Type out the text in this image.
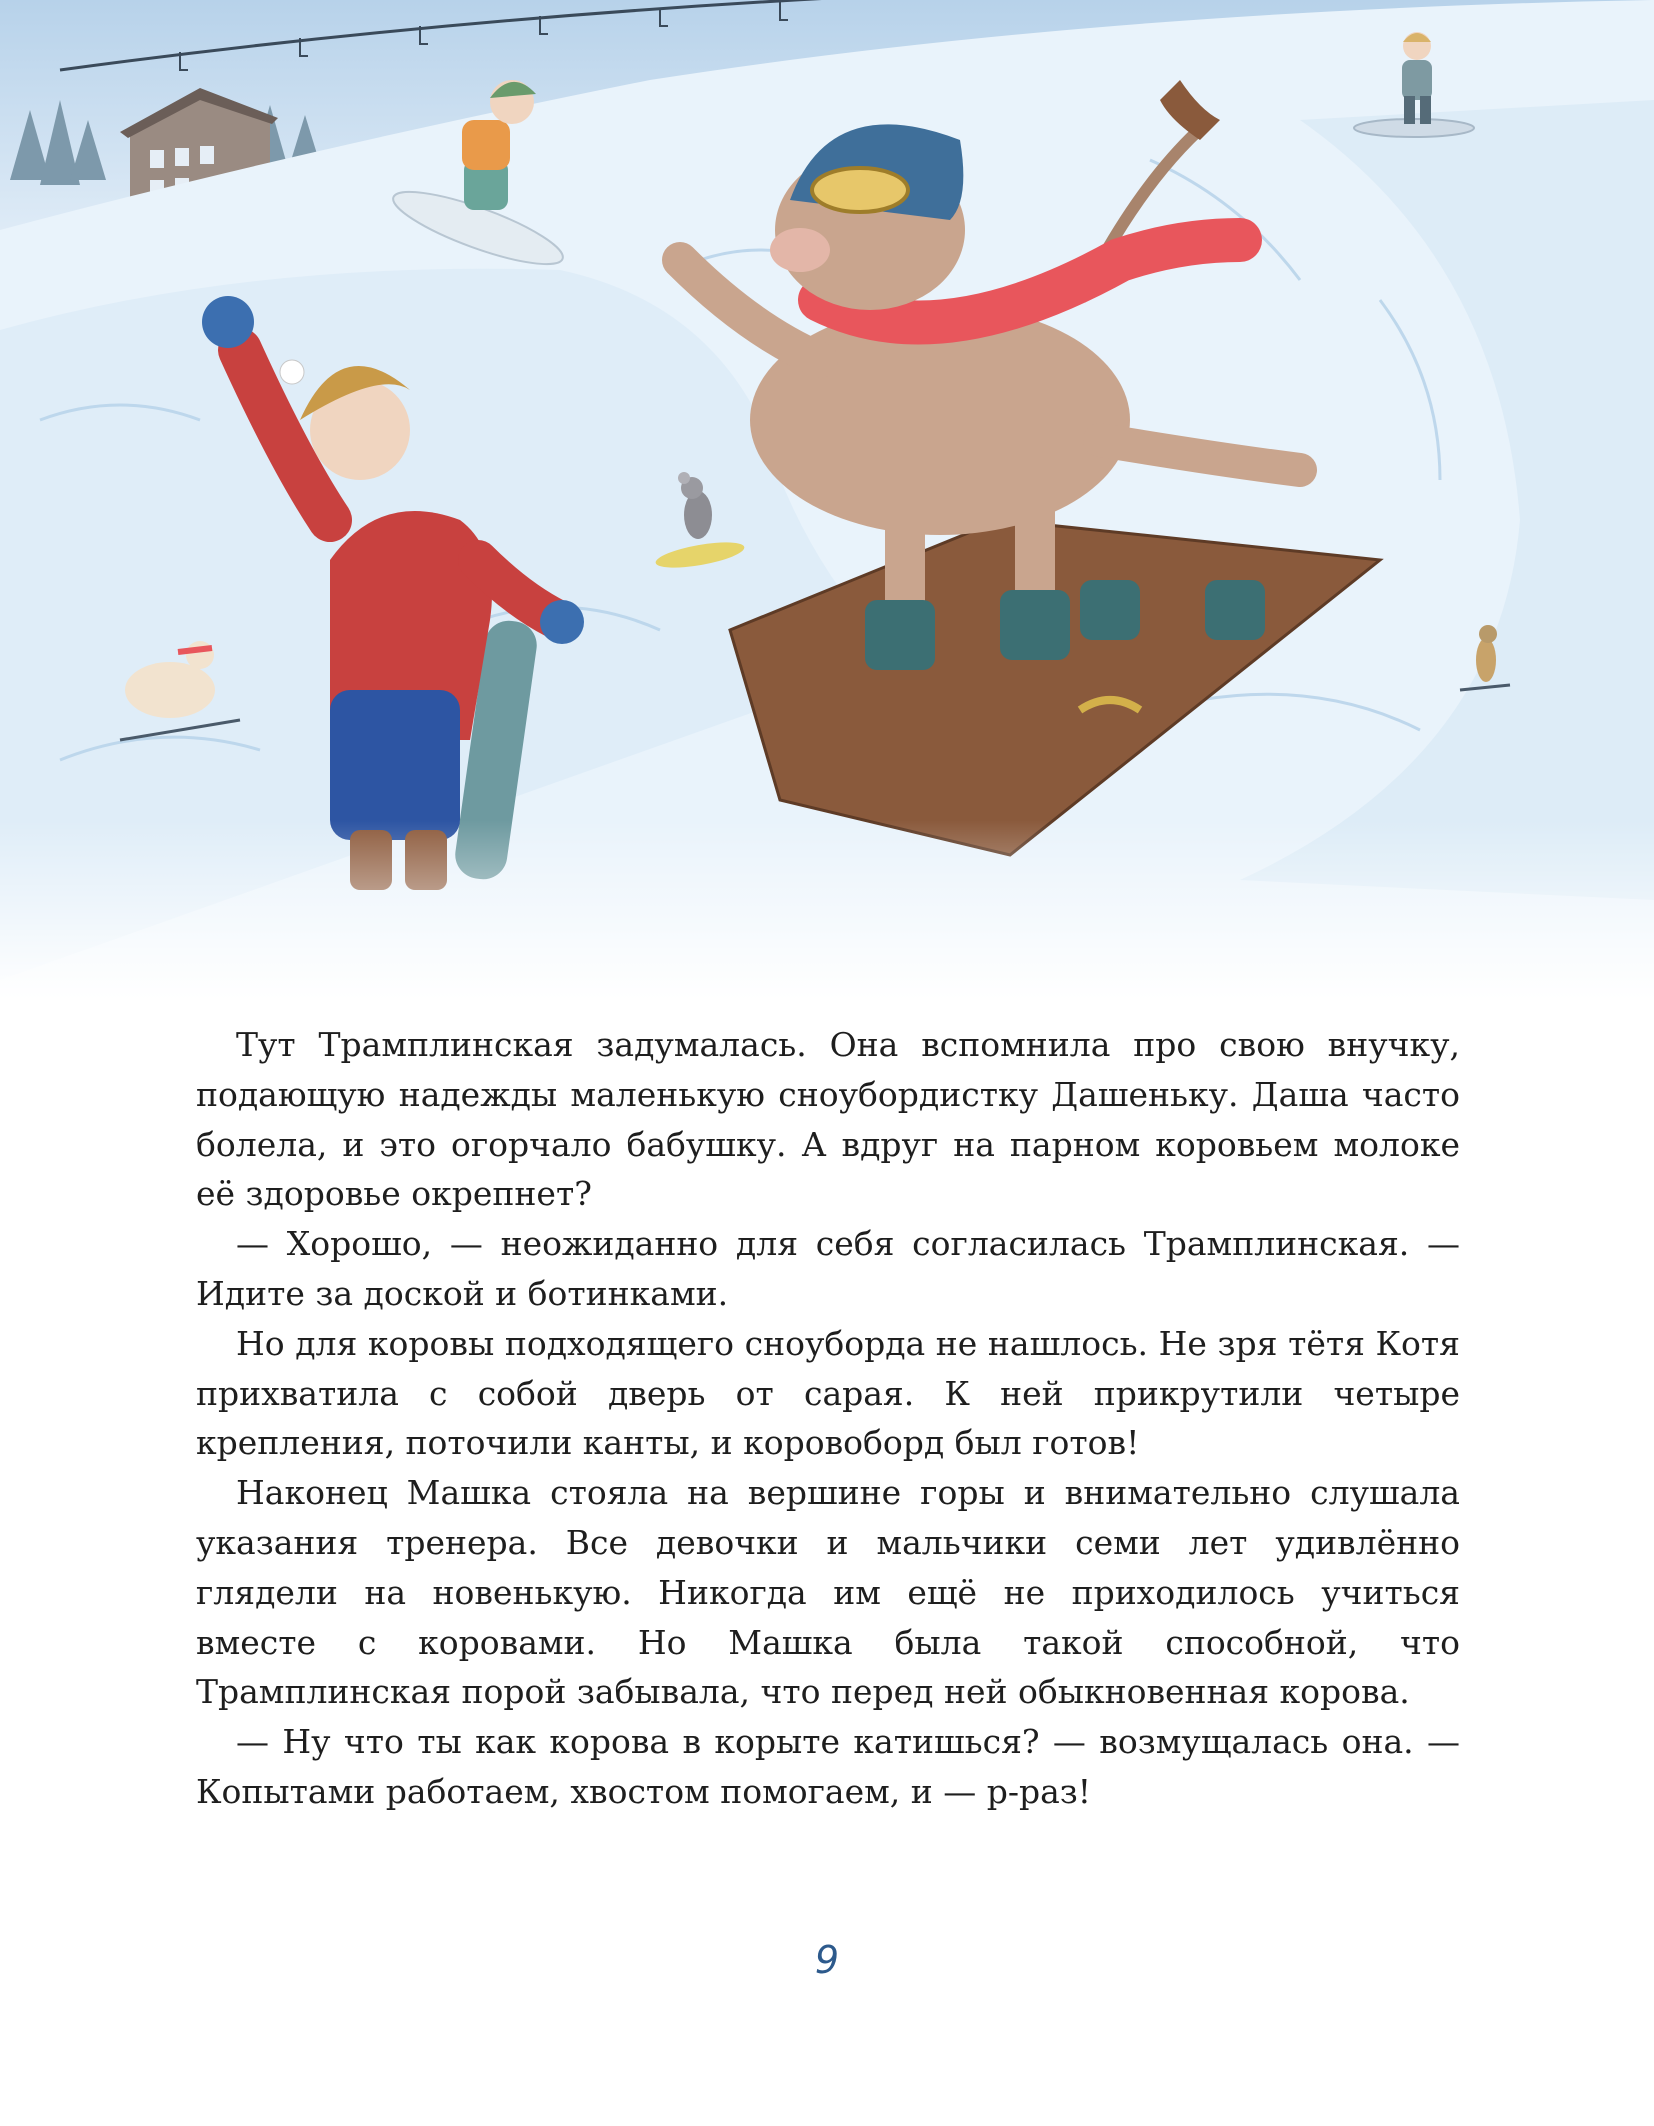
Тут Трамплинская задумалась. Она вспомнила про свою внучку, подающую надежды маленькую сноубордистку Дашеньку. Даша часто болела, и это огорчало бабушку. А вдруг на парном коровьем молоке её здоровье окрепнет?

— Хорошо, — неожиданно для себя согласилась Трамплинская. — Идите за доской и ботинками.

Но для коровы подходящего сноуборда не нашлось. Не зря тётя Котя прихватила с собой дверь от сарая. К ней прикрутили четыре крепления, поточили канты, и коровоборд был готов!

Наконец Машка стояла на вершине горы и внимательно слушала указания тренера. Все девочки и мальчики семи лет удивлённо глядели на новенькую. Никогда им ещё не приходилось учиться вместе с коровами. Но Машка была такой способной, что Трамплинская порой забывала, что перед ней обыкновенная корова.

— Ну что ты как корова в корыте катишься? — возмущалась она. — Копытами работаем, хвостом помогаем, и — р-раз!

9
